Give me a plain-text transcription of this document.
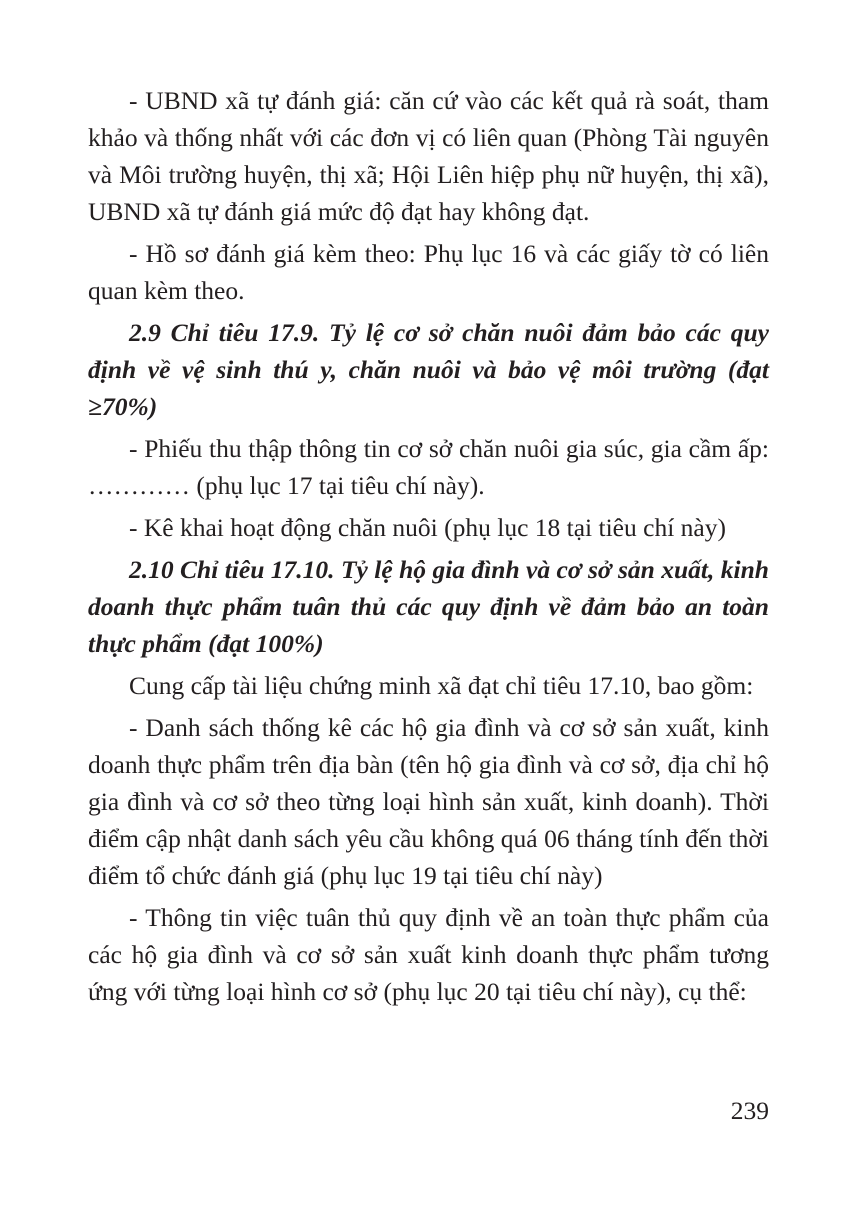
- UBND xã tự đánh giá: căn cứ vào các kết quả rà soát, tham khảo và thống nhất với các đơn vị có liên quan (Phòng Tài nguyên và Môi trường huyện, thị xã; Hội Liên hiệp phụ nữ huyện, thị xã), UBND xã tự đánh giá mức độ đạt hay không đạt.

- Hồ sơ đánh giá kèm theo: Phụ lục 16 và các giấy tờ có liên quan kèm theo.

2.9 Chỉ tiêu 17.9. Tỷ lệ cơ sở chăn nuôi đảm bảo các quy định về vệ sinh thú y, chăn nuôi và bảo vệ môi trường (đạt ≥70%)

- Phiếu thu thập thông tin cơ sở chăn nuôi gia súc, gia cầm ấp: ………… (phụ lục 17 tại tiêu chí này).

- Kê khai hoạt động chăn nuôi (phụ lục 18 tại tiêu chí này)

2.10 Chỉ tiêu 17.10. Tỷ lệ hộ gia đình và cơ sở sản xuất, kinh doanh thực phẩm tuân thủ các quy định về đảm bảo an toàn thực phẩm (đạt 100%)

Cung cấp tài liệu chứng minh xã đạt chỉ tiêu 17.10, bao gồm:

- Danh sách thống kê các hộ gia đình và cơ sở sản xuất, kinh doanh thực phẩm trên địa bàn (tên hộ gia đình và cơ sở, địa chỉ hộ gia đình và cơ sở theo từng loại hình sản xuất, kinh doanh). Thời điểm cập nhật danh sách yêu cầu không quá 06 tháng tính đến thời điểm tổ chức đánh giá (phụ lục 19 tại tiêu chí này)

- Thông tin việc tuân thủ quy định về an toàn thực phẩm của các hộ gia đình và cơ sở sản xuất kinh doanh thực phẩm tương ứng với từng loại hình cơ sở (phụ lục 20 tại tiêu chí này), cụ thể:

239
